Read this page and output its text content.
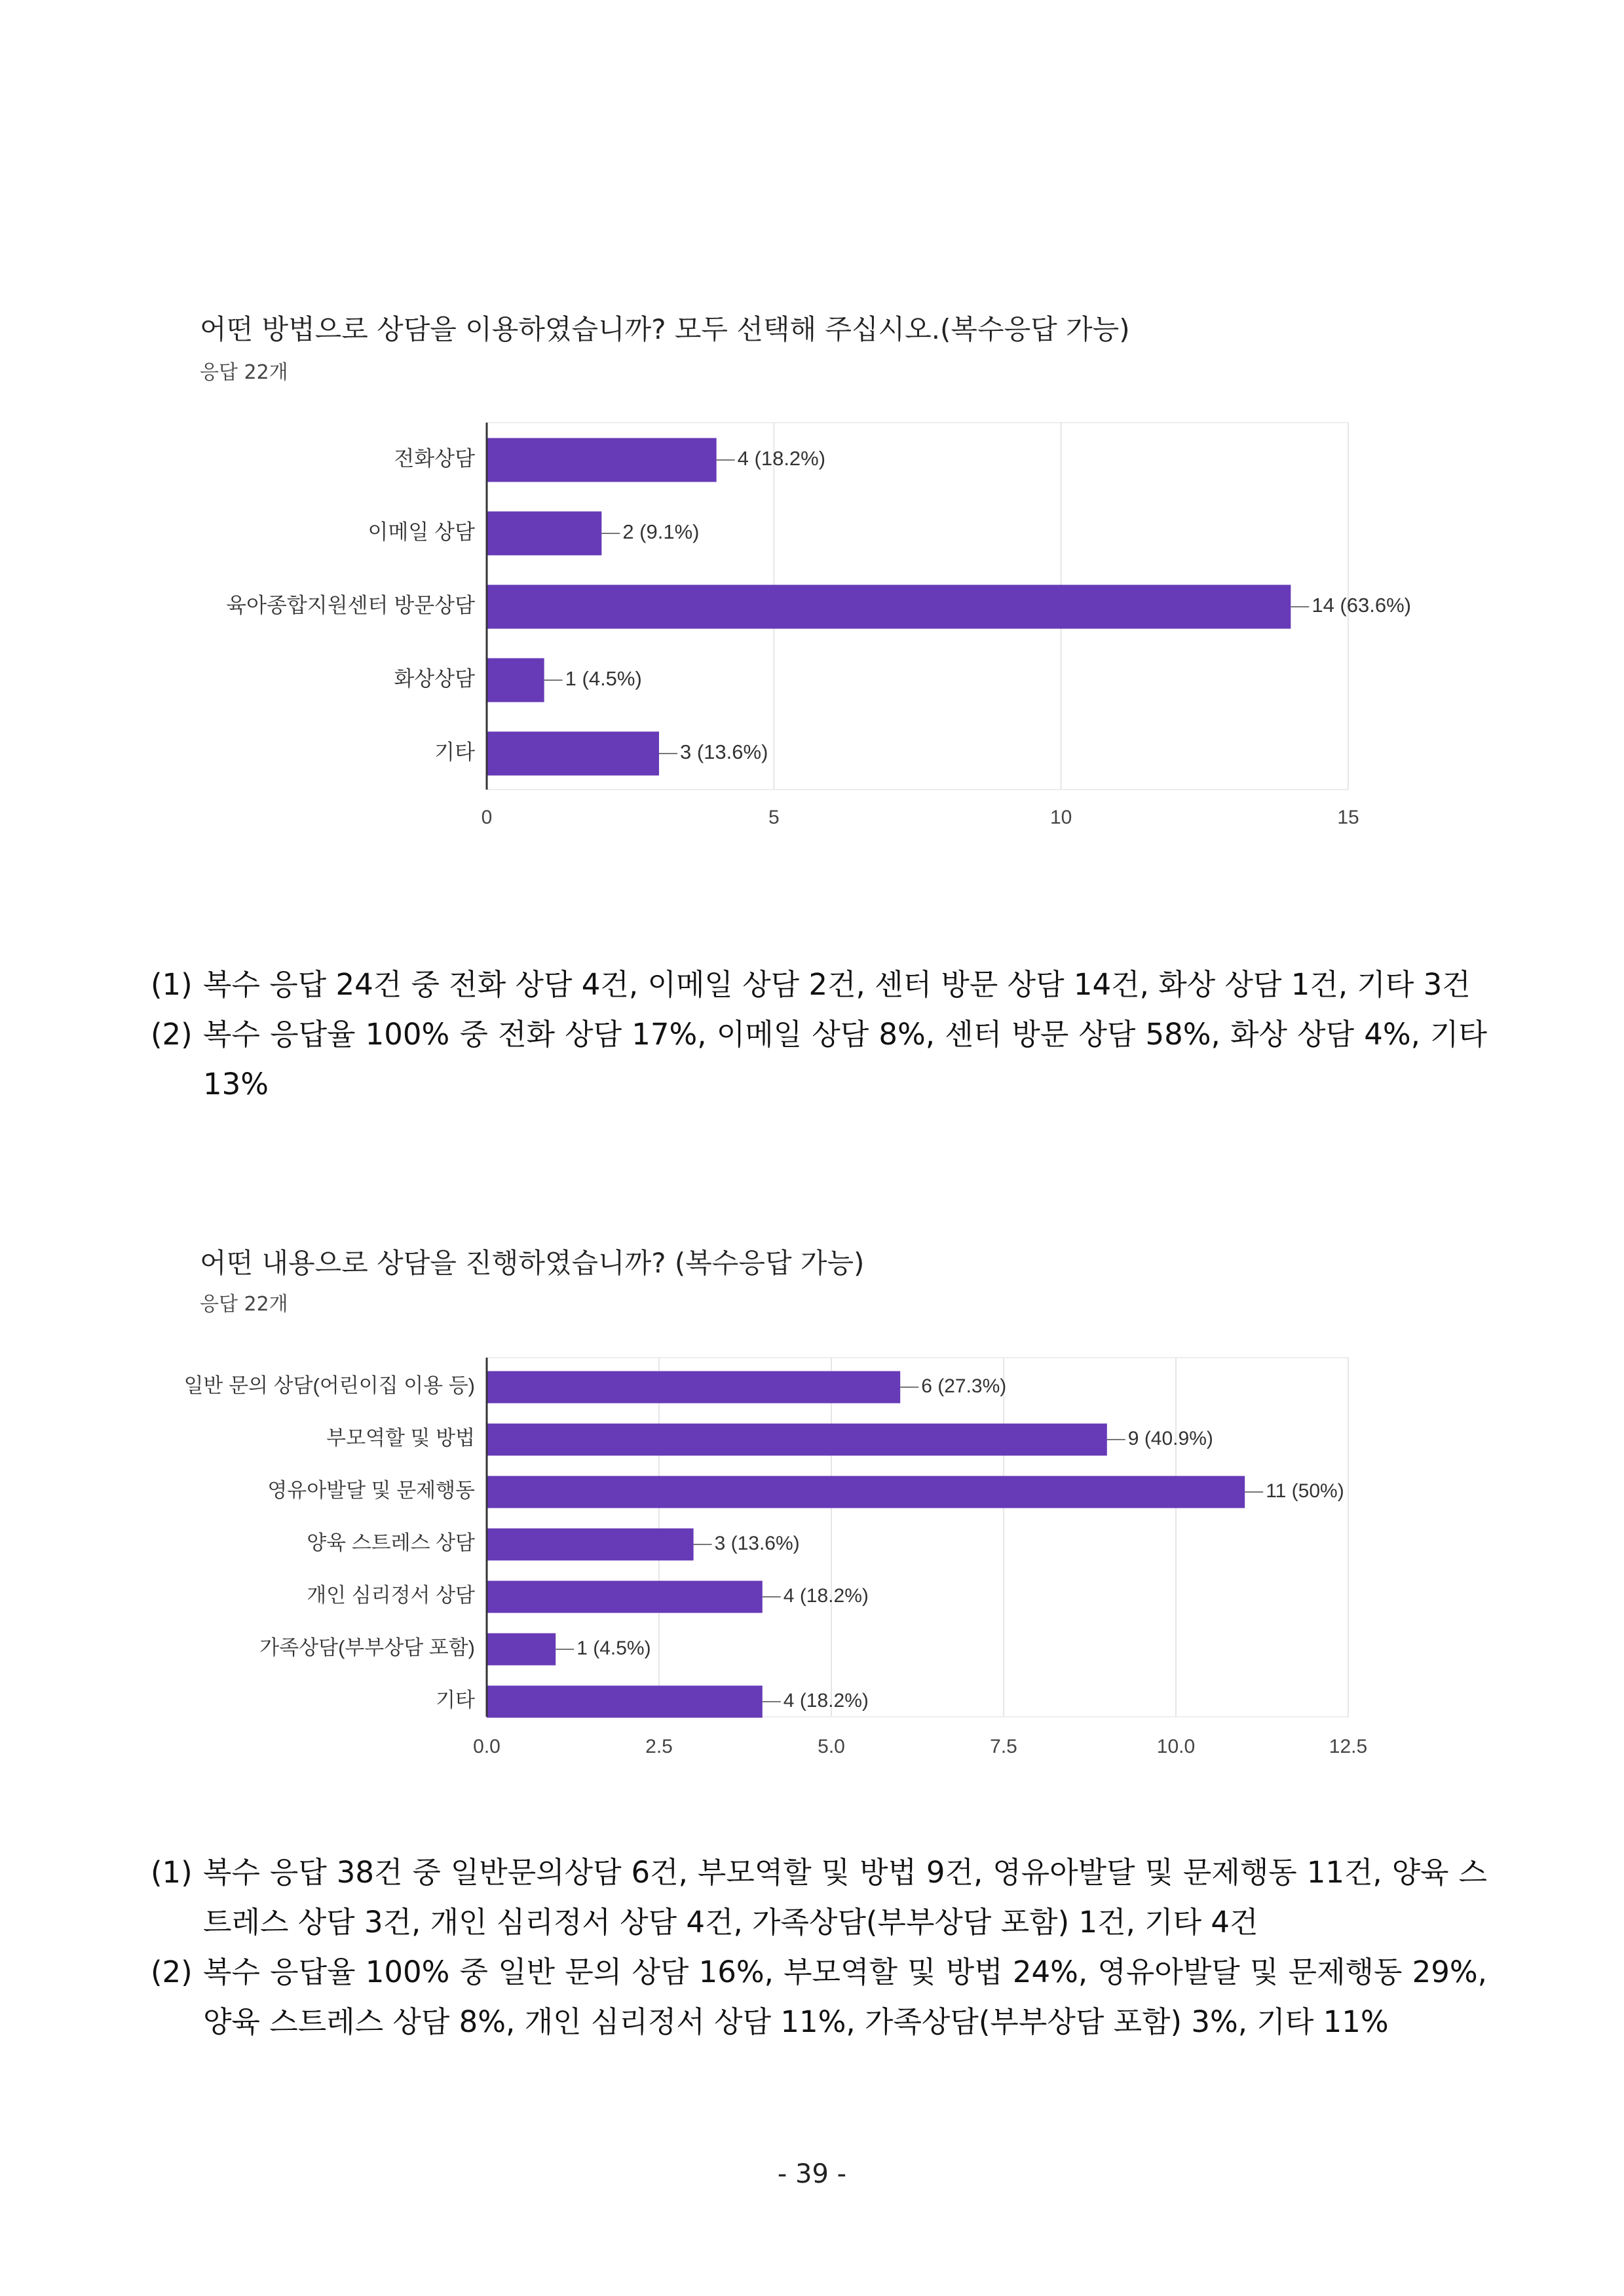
어떤 방법으로 상담을 이용하였습니까? 모두 선택해 주십시오.(복수응답 가능)
응답 22개
0	5	10	15
전화상담	4 (18.2%)
이메일 상담	2 (9.1%)
육아종합지원센터 방문상담	14 (63.6%)
화상상담	1 (4.5%)
기타	3 (13.6%)
(1) 복수 응답 24건 중 전화 상담 4건, 이메일 상담 2건, 센터 방문 상담 14건, 화상 상담 1건, 기타 3건
(2) 복수 응답율 100% 중 전화 상담 17%, 이메일 상담 8%, 센터 방문 상담 58%, 화상 상담 4%, 기타 13%
어떤 내용으로 상담을 진행하였습니까? (복수응답 가능)
응답 22개
0.0	2.5	5.0	7.5	10.0	12.5
일반 문의 상담(어린이집 이용 등)	6 (27.3%)
부모역할 및 방법	9 (40.9%)
영유아발달 및 문제행동	11 (50%)
양육 스트레스 상담	3 (13.6%)
개인 심리정서 상담	4 (18.2%)
가족상담(부부상담 포함)	1 (4.5%)
기타	4 (18.2%)
(1) 복수 응답 38건 중 일반문의상담 6건, 부모역할 및 방법 9건, 영유아발달 및 문제행동 11건, 양육 스트레스 상담 3건, 개인 심리정서 상담 4건, 가족상담(부부상담 포함) 1건, 기타 4건
(2) 복수 응답율 100% 중 일반 문의 상담 16%, 부모역할 및 방법 24%, 영유아발달 및 문제행동 29%, 양육 스트레스 상담 8%, 개인 심리정서 상담 11%, 가족상담(부부상담 포함) 3%, 기타 11%
- 39 -
